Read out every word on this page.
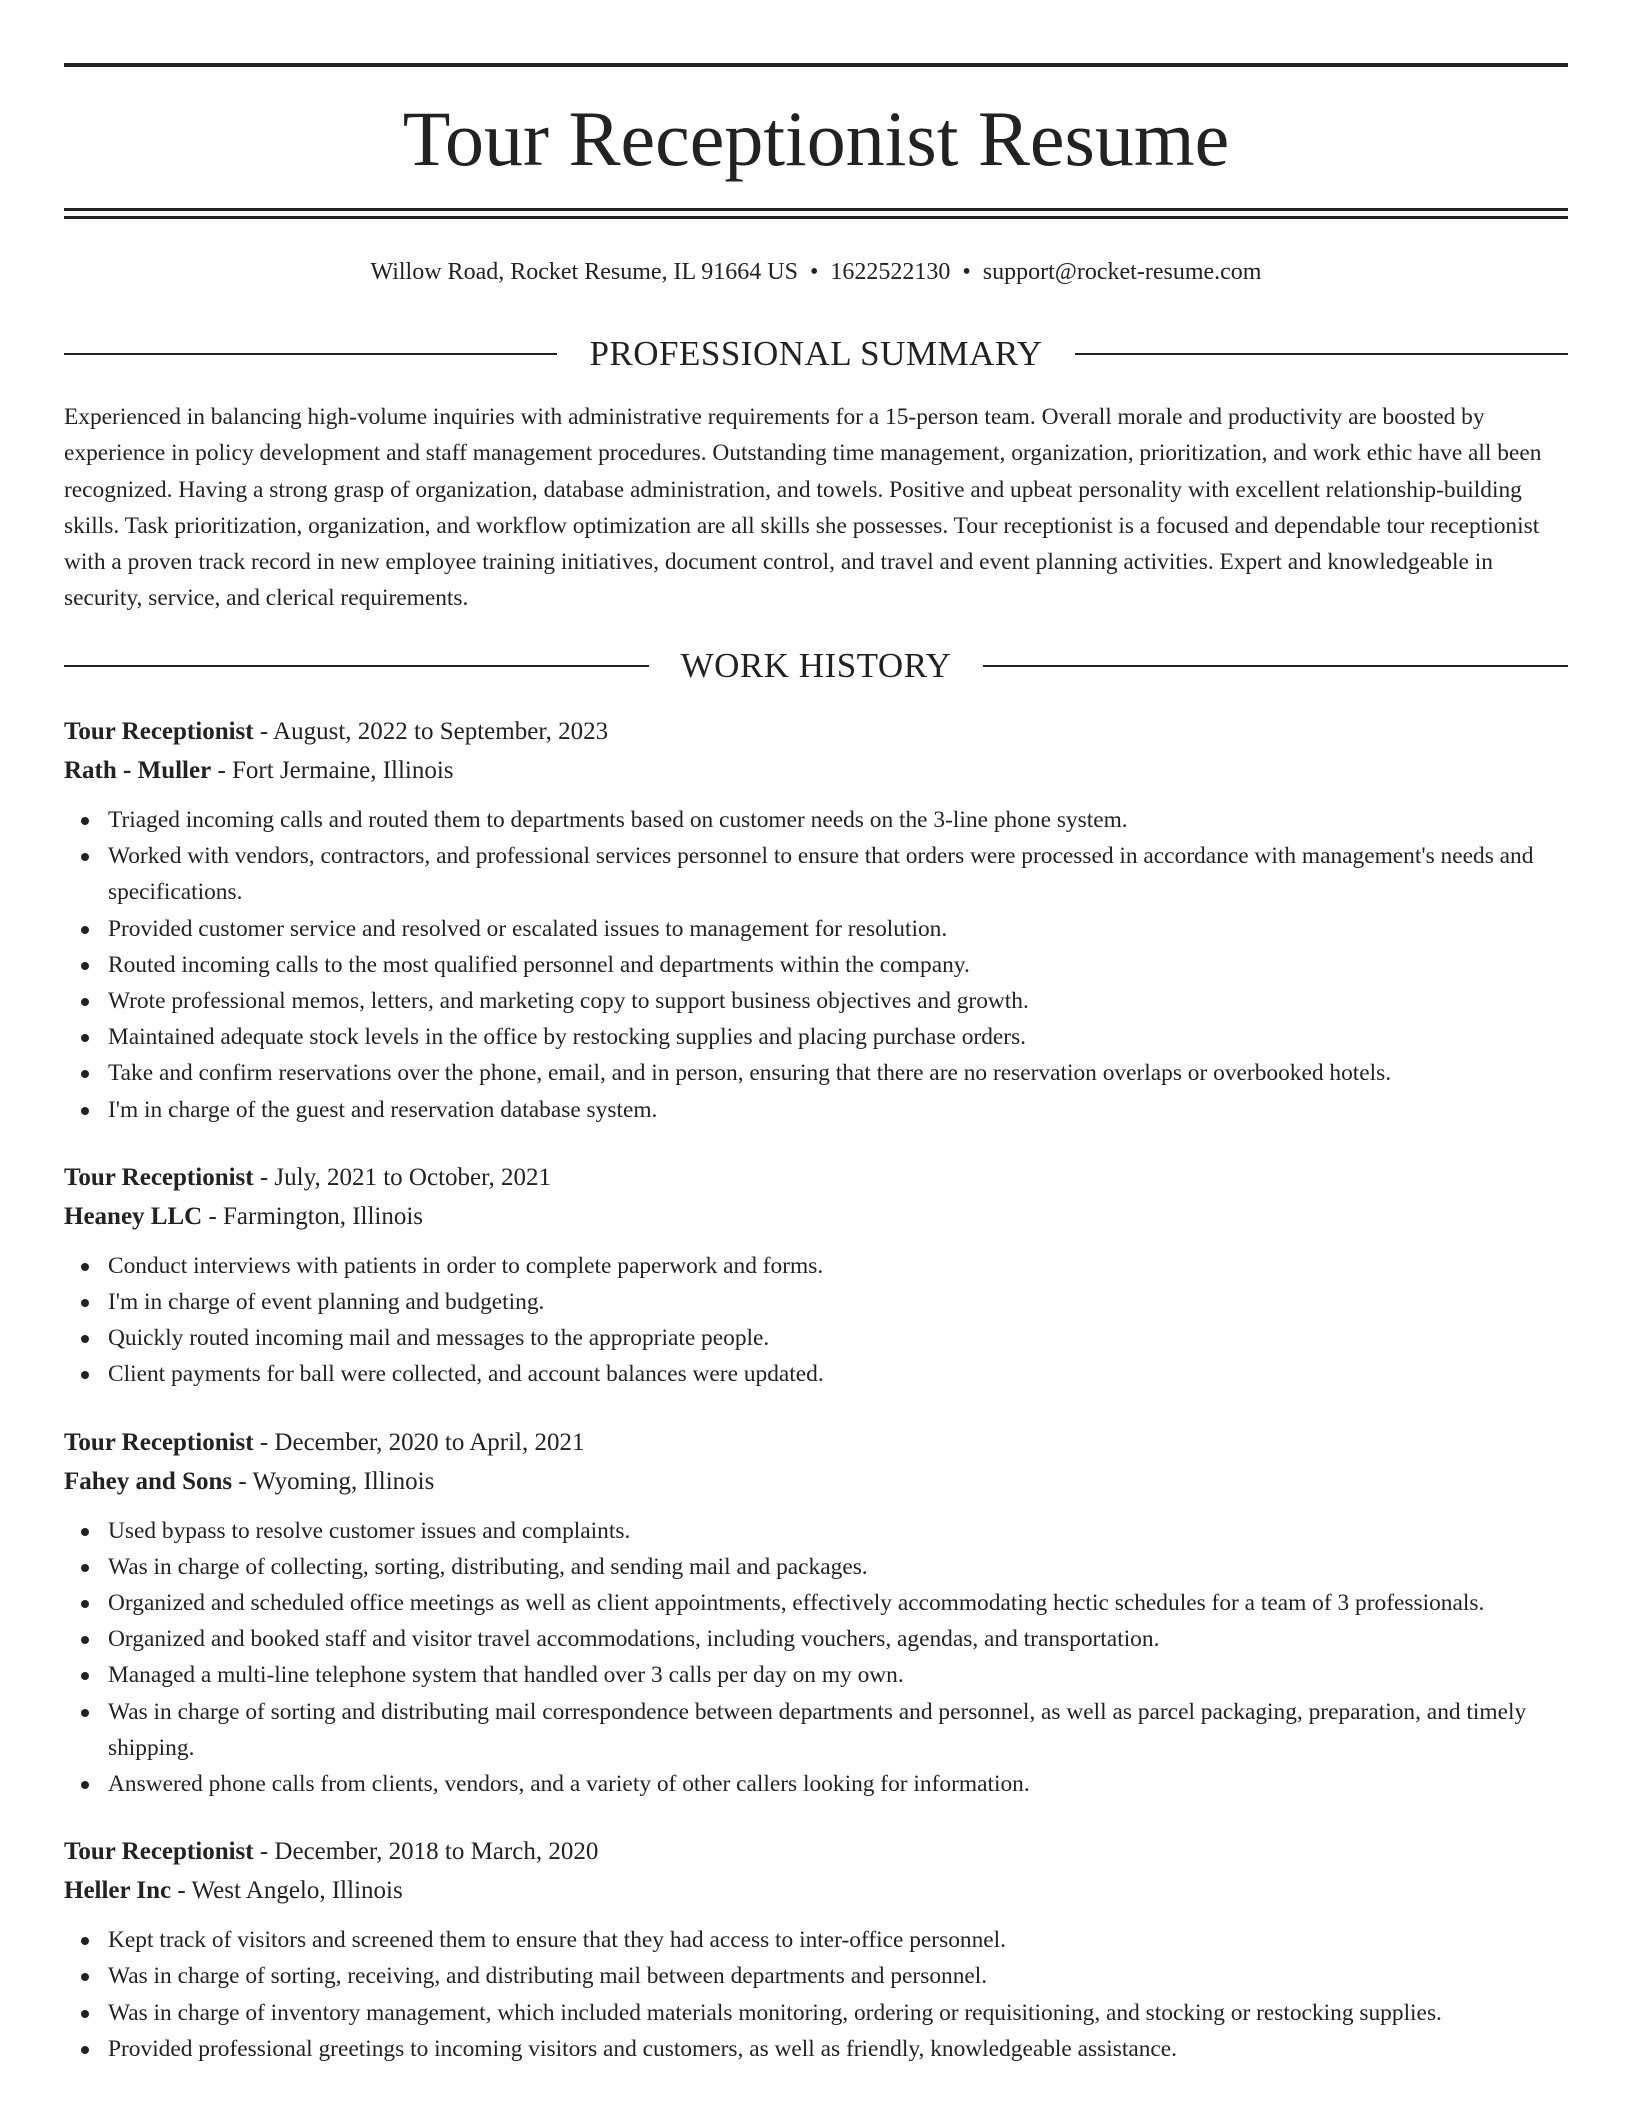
Tour Receptionist Resume
Willow Road, Rocket Resume, IL 91664 US • 1622522130 • support@rocket-resume.com
PROFESSIONAL SUMMARY

Experienced in balancing high-volume inquiries with administrative requirements for a 15-person team. Overall morale and productivity are boosted by experience in policy development and staff management procedures. Outstanding time management, organization, prioritization, and work ethic have all been recognized. Having a strong grasp of organization, database administration, and towels. Positive and upbeat personality with excellent relationship-building skills. Task prioritization, organization, and workflow optimization are all skills she possesses. Tour receptionist is a focused and dependable tour receptionist with a proven track record in new employee training initiatives, document control, and travel and event planning activities. Expert and knowledgeable in security, service, and clerical requirements.

WORK HISTORY

Tour Receptionist - August, 2022 to September, 2023

Rath - Muller - Fort Jermaine, Illinois

Triaged incoming calls and routed them to departments based on customer needs on the 3-line phone system.
Worked with vendors, contractors, and professional services personnel to ensure that orders were processed in accordance with management's needs and specifications.
Provided customer service and resolved or escalated issues to management for resolution.
Routed incoming calls to the most qualified personnel and departments within the company.
Wrote professional memos, letters, and marketing copy to support business objectives and growth.
Maintained adequate stock levels in the office by restocking supplies and placing purchase orders.
Take and confirm reservations over the phone, email, and in person, ensuring that there are no reservation overlaps or overbooked hotels.
I'm in charge of the guest and reservation database system.

Tour Receptionist - July, 2021 to October, 2021

Heaney LLC - Farmington, Illinois

Conduct interviews with patients in order to complete paperwork and forms.
I'm in charge of event planning and budgeting.
Quickly routed incoming mail and messages to the appropriate people.
Client payments for ball were collected, and account balances were updated.

Tour Receptionist - December, 2020 to April, 2021

Fahey and Sons - Wyoming, Illinois

Used bypass to resolve customer issues and complaints.
Was in charge of collecting, sorting, distributing, and sending mail and packages.
Organized and scheduled office meetings as well as client appointments, effectively accommodating hectic schedules for a team of 3 professionals.
Organized and booked staff and visitor travel accommodations, including vouchers, agendas, and transportation.
Managed a multi-line telephone system that handled over 3 calls per day on my own.
Was in charge of sorting and distributing mail correspondence between departments and personnel, as well as parcel packaging, preparation, and timely shipping.
Answered phone calls from clients, vendors, and a variety of other callers looking for information.

Tour Receptionist - December, 2018 to March, 2020

Heller Inc - West Angelo, Illinois

Kept track of visitors and screened them to ensure that they had access to inter-office personnel.
Was in charge of sorting, receiving, and distributing mail between departments and personnel.
Was in charge of inventory management, which included materials monitoring, ordering or requisitioning, and stocking or restocking supplies.
Provided professional greetings to incoming visitors and customers, as well as friendly, knowledgeable assistance.
